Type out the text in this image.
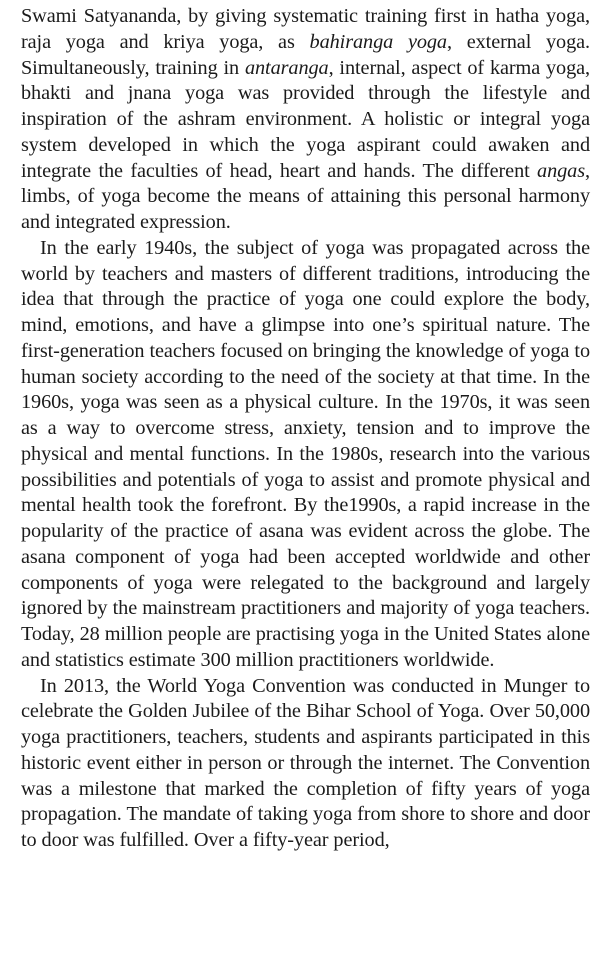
Swami Satyananda, by giving systematic training first in hatha yoga, raja yoga and kriya yoga, as bahiranga yoga, external yoga. Simultaneously, training in antaranga, internal, aspect of karma yoga, bhakti and jnana yoga was provided through the lifestyle and inspiration of the ashram environment. A holistic or integral yoga system developed in which the yoga aspirant could awaken and integrate the faculties of head, heart and hands. The different angas, limbs, of yoga become the means of attaining this personal harmony and integrated expression.

In the early 1940s, the subject of yoga was propagated across the world by teachers and masters of different traditions, introducing the idea that through the practice of yoga one could explore the body, mind, emotions, and have a glimpse into one’s spiritual nature. The first-generation teachers focused on bringing the knowledge of yoga to human society according to the need of the society at that time. In the 1960s, yoga was seen as a physical culture. In the 1970s, it was seen as a way to overcome stress, anxiety, tension and to improve the physical and mental functions. In the 1980s, research into the various possibilities and potentials of yoga to assist and promote physical and mental health took the forefront. By the1990s, a rapid increase in the popularity of the practice of asana was evident across the globe. The asana component of yoga had been accepted worldwide and other components of yoga were relegated to the background and largely ignored by the mainstream practitioners and majority of yoga teachers. Today, 28 million people are practising yoga in the United States alone and statistics estimate 300 million practitioners worldwide.

In 2013, the World Yoga Convention was conducted in Munger to celebrate the Golden Jubilee of the Bihar School of Yoga. Over 50,000 yoga practitioners, teachers, students and aspirants participated in this historic event either in person or through the internet. The Convention was a milestone that marked the completion of fifty years of yoga propagation. The mandate of taking yoga from shore to shore and door to door was fulfilled. Over a fifty-year period,
